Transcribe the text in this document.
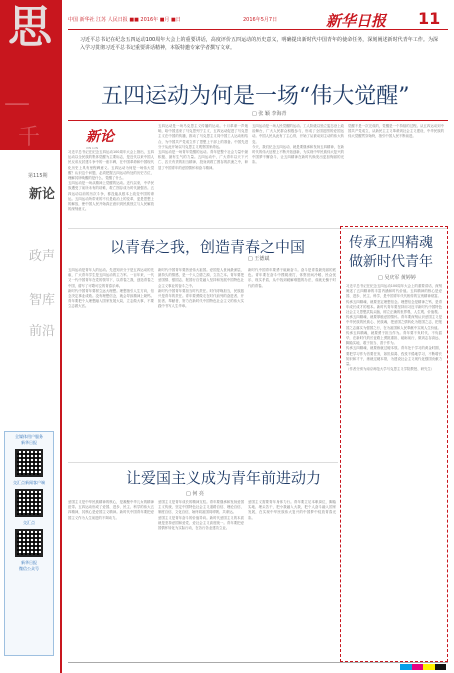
思
—
千
第115期
新论
政声
智库
前沿
全媒体用户服务
新华日报
交汇点新闻客户端
交汇点
新华日报
微信公众号
中国 新华社 江苏 人民日报 ■■ 2016年 ■月 ■日	2016年5月7日	新华日报 11
习近平总书记在纪念五四运动100周年大会上的重要讲话，高度评价五四运动的历史意义，明确提出新时代中国青年的使命任务，深刻阐述新时代青年工作。为深入学习贯彻习近平总书记重要讲话精神，本版特邀专家学者撰写文章。
五四运动为何是一场“伟大觉醒”
□ 张 颖 李海青
新论
XIN LUN

习近平总书记在纪念五四运动100周年大会上指出，五四运动以全民族的集体觉醒为主要标志，是近代以来中国人民反帝反封建斗争中的一座丰碑，在中国革命和中国现代化历史上具有里程碑意义。五四运动为何是一场伟大觉醒？认识这个问题，必须把握五四运动所处的历史方位，理解其所唤醒的是什么、觉醒了什么。

五四运动是一场从精神上觉醒的运动。近代以来，中华民族遭受了前所未有的劫难，救亡图存成为时代最强音。五四运动以前的历次斗争，都没能从根本上改变中国的命运。五四运动所带来的不仅是政治上的变革，更是思想上的解放，使中国人民开始真正意识到民族独立与人民解放的深刻意义。

五四运动是一场马克思主义传播的运动。十月革命一声炮响，给中国送来了马克思列宁主义，五四运动促进了马克思主义在中国的传播，推动了马克思主义同中国工人运动相结合，为中国共产党成立作了思想上干部上的准备。中国先进分子从此开始以马克思主义观察国家命运。

五四运动是一场青年觉醒的运动。青年是整个社会力量中最积极、最有生气的力量。五四运动中，广大青年以天下兴亡、匹夫有责的担当精神，投身到救亡图存的洪流之中，彰显了中国青年的爱国情怀和奋斗精神。

五四运动是一场人民觉醒的运动。工人阶级以独立姿态登上政治舞台，广大人民群众积极参与，形成了全国范围的爱国运动。中国人民从此有了主心骨，开始了从被动到主动的伟大转变。

今天，我们纪念五四运动，就是要继承和发扬五四精神，在新时代的伟大征程上不断开拓创新，为实现中华民族伟大复兴的中国梦不懈奋斗，让五四精神在新时代焕发出更加绚丽的光彩。

觉醒不是一次完成的，觉醒是一个持续的过程。从五四运动到中国共产党成立，从新民主主义革命到社会主义建设，中华民族的伟大觉醒贯穿始终，指引中国人民不断前进。

以青春之我，创造青春之中国
□ 王德斌

五四运动是青年人的运动。先进知识分子是五四运动的先驱，广大青年学生是五四运动的主力军。一百年来，一代又一代中国青年在党的领导下，以青春之我，创造青春之中国，谱写了可歌可泣的青春乐章。

新时代中国青年要树立远大理想。理想指引人生方向，信念决定事业成败。没有理想信念，就会导致精神上缺钙。青年要把个人理想融入国家发展大局，立志做大事，不要立志做大官。

新时代中国青年要热爱伟大祖国。爱国是人世间最深层、最持久的情感，是一个人立德之源、立功之本。青年要把爱国情、强国志、报国行自觉融入坚持和发展中国特色社会主义事业的奋斗之中。

新时代中国青年要担当时代责任。时代呼唤担当，民族振兴是青年的责任。青年要勇做走在时代前列的奋进者、开拓者、奉献者，努力在新时代中国特色社会主义的伟大实践中书写人生华章。

新时代中国青年要勇于砥砺奋斗。奋斗是青春最亮丽的底色。青年要在奋斗中摸爬滚打，体察世间冷暖、民众忧乐、现实矛盾，从中找到破解难题的办法，成就无愧于时代的青春。

传承五四精魂做新时代青年
□ 吴庆军 黄婷婷

习近平总书记在纪念五四运动100周年大会上的重要讲话，深刻阐述了五四精神的丰富内涵和时代价值。五四精神的核心是爱国、进步、民主、科学，是中国青年代代相传的宝贵精神财富。

传承五四精魂，就要坚定理想信念。理想信念是精神之钙，是青年成长成才的根本。新时代青年要坚持用习近平新时代中国特色社会主义思想武装头脑，树立正确的世界观、人生观、价值观。

传承五四精魂，就要厚植爱国情怀。青年要深刻认识爱国主义是中华民族的民族心、民族魂，把爱国之情转化为报国之志，把报国之志落实为强国之行，在为祖国和人民奉献中实现人生价值。

传承五四精魂，就要勇于担当作为。青年要不负时代、不负韶华，在新时代的长征路上勇挑重担、砥砺前行，做到志存高远、脚踏实地，敢于担当、善于作为。

传承五四精魂，就要练就过硬本领。青年处于学习的黄金时期，要把学习作为首要任务，如饥似渴、孜孜不倦地学习，不断增长知识和才干，练就过硬本领，为建设社会主义现代化强国贡献力量。

（作者分别为南京师范大学马克思主义学院教授、研究生）

让爱国主义成为青年前进动力
□ 何 亮

爱国主义是中华民族精神的核心，是凝聚中华儿女的精神纽带。五四运动形成了爱国、进步、民主、科学的伟大五四精神，其核心是爱国主义精神。新时代中国青年要把爱国主义作为人生前进的不竭动力。

爱国主义是青年成长的精神支柱。青年要继承和发扬爱国主义传统，坚定中国特色社会主义道路自信、理论自信、制度自信、文化自信，始终同祖国同呼吸、共命运。

爱国主义是青年奋斗的价值导向。新时代爱国主义的本质就是坚持爱国和爱党、爱社会主义高度统一。青年要把爱国情怀转化为实际行动，在各行各业建功立业。

爱国主义需要青年身体力行。青年要立足本职岗位，脚踏实地、埋头苦干，把小我融入大我，把个人奋斗融入国家发展，在实现中华民族伟大复兴的中国梦中绽放青春光彩。
